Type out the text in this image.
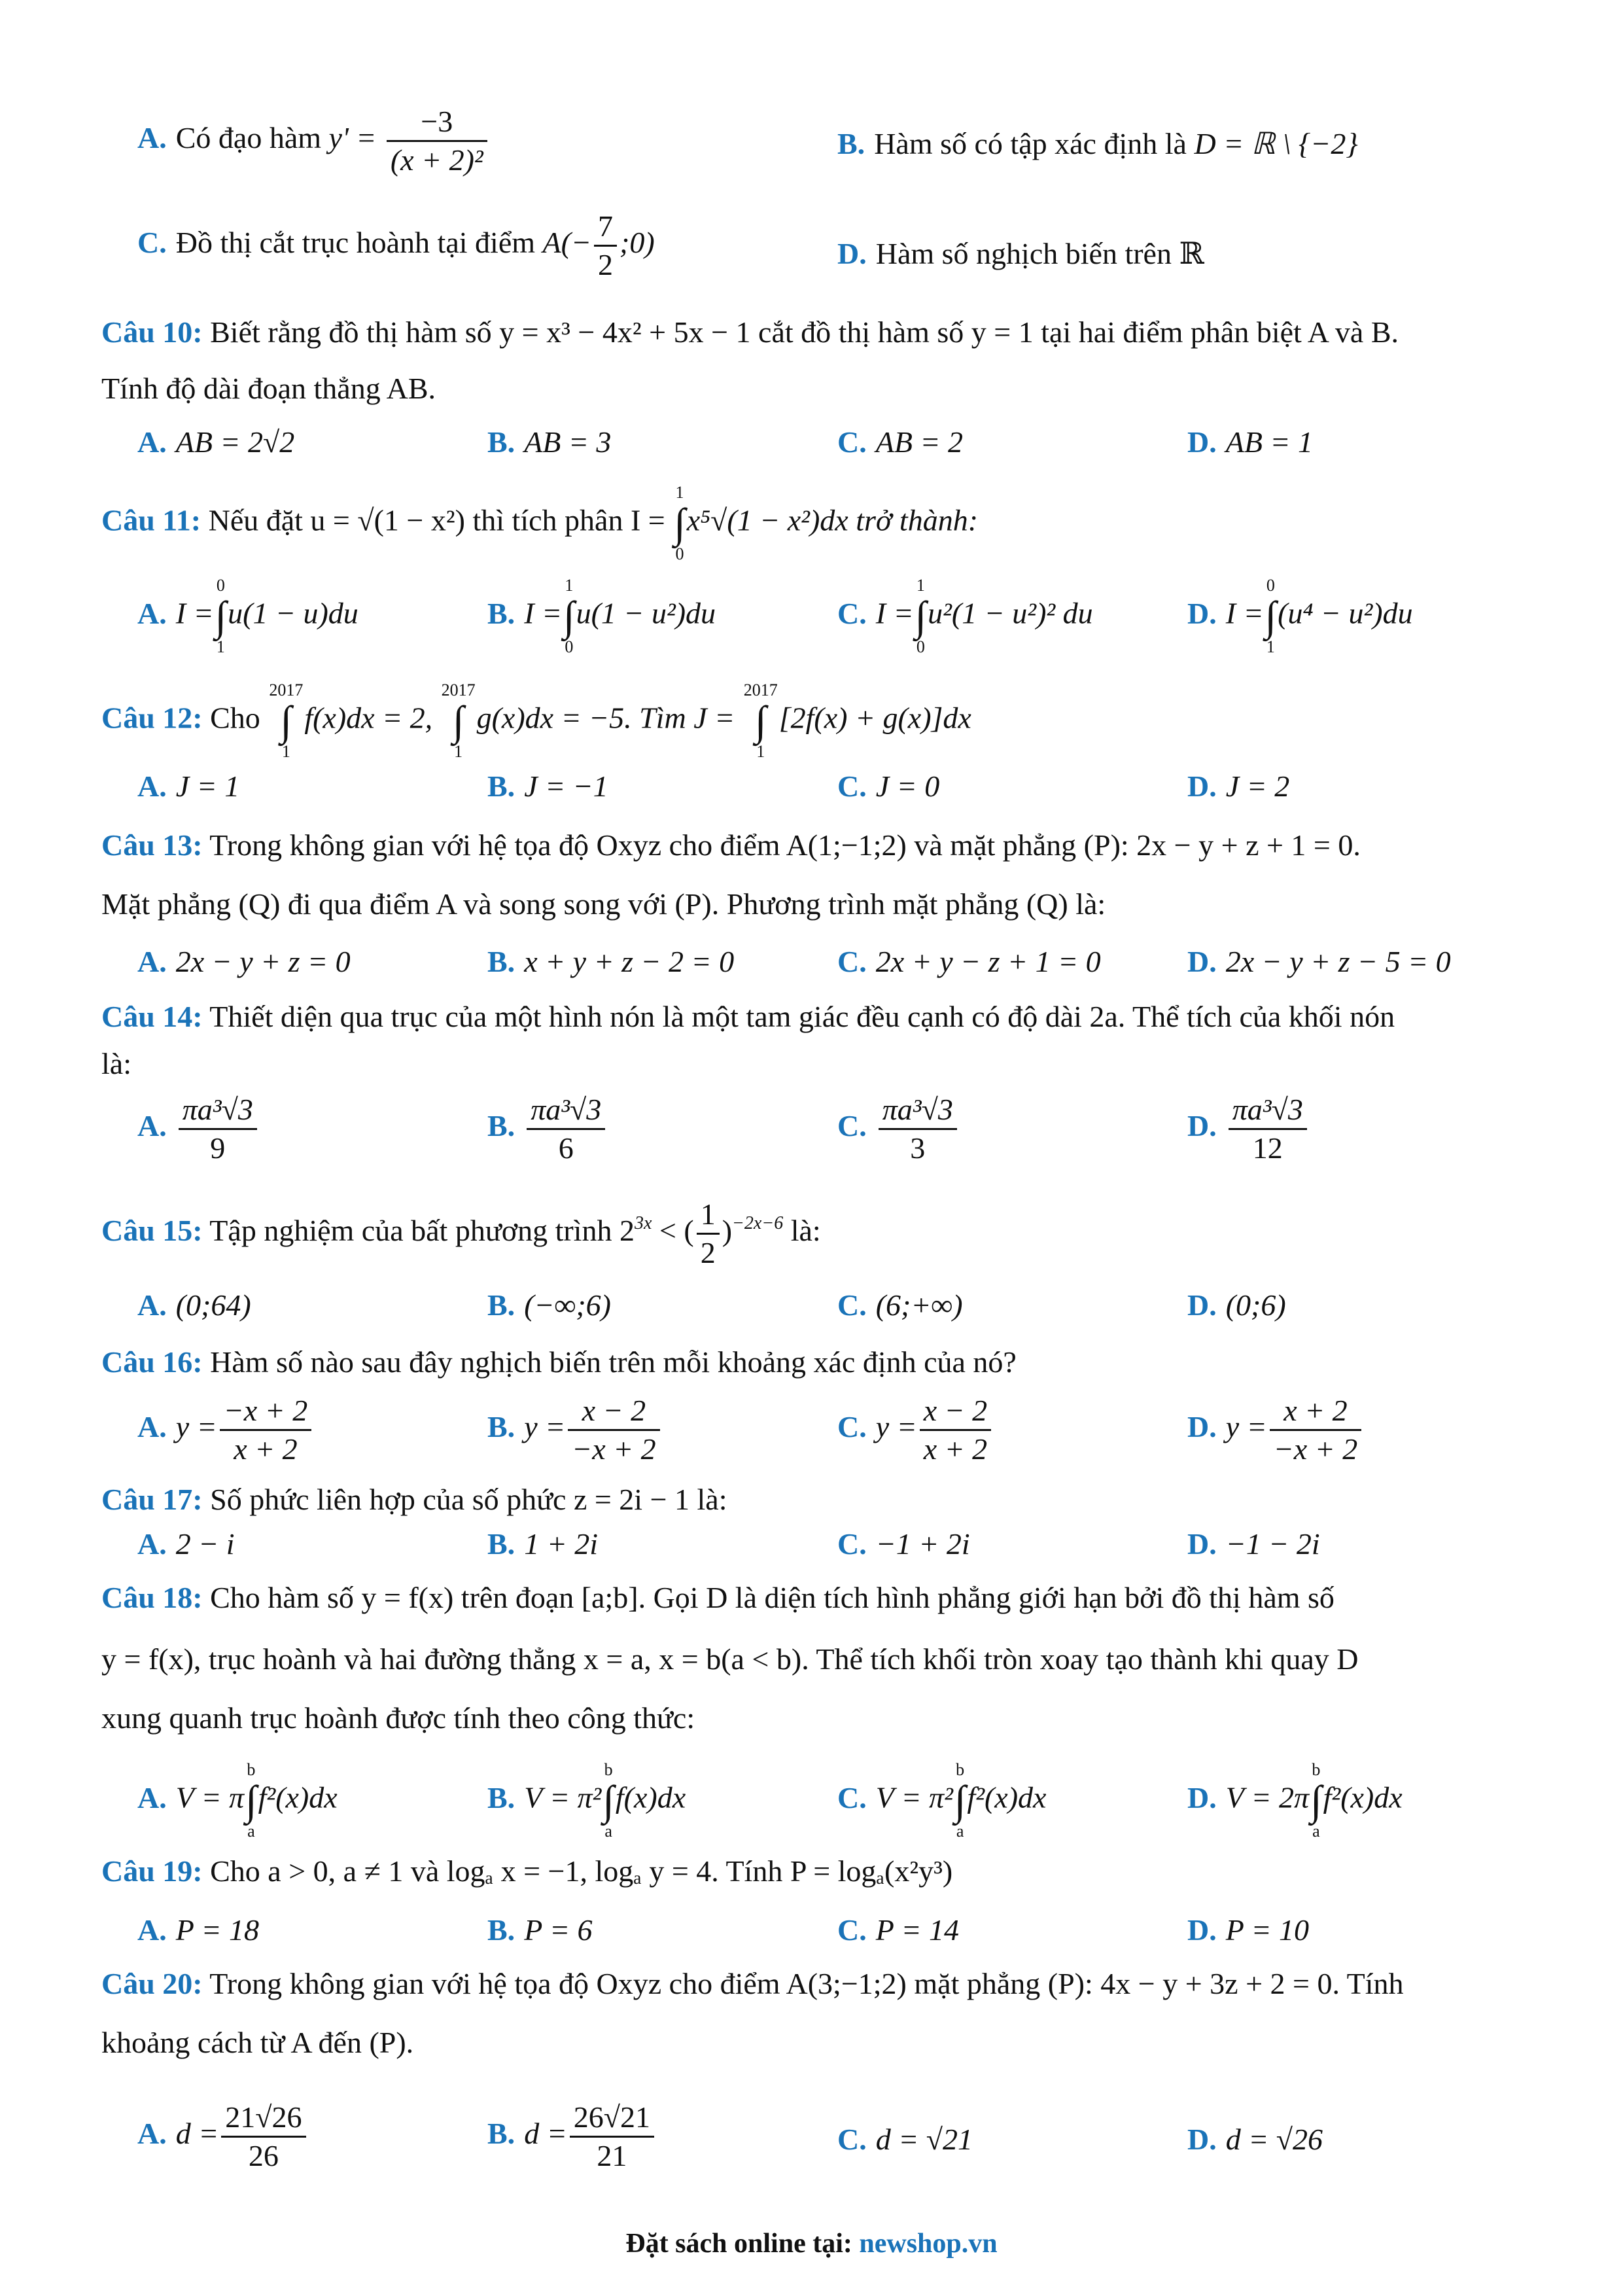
A. Có đạo hàm $y' = \frac{-3}{\text{(x + 2)²}}$	B. Hàm số có tập xác định là D = ℝ \ {−2}
C. Đồ thị cắt trục hoành tại điểm $A(- \frac{7}{2}$ ;0)	D. Hàm số nghịch biến trên ℝ
Câu 10: Biết rằng đồ thị hàm số y = x³ − 4x² + 5x − 1 cắt đồ thị hàm số y = 1 tại hai điểm phân biệt A và B.
Tính độ dài đoạn thẳng AB.
A. AB = 2√2	B. AB = 3	C. AB = 2	D. AB = 1
Câu 11: Nếu đặt u = √(1 − x²) thì tích phân I =
1
∫
0
x⁵√(1 − x²)dx trở thành:
A. I =
0
∫
1
u(1 − u)du	B. I =
1
∫
0
u(1 − u²)du	C. I =
1
∫
0
u²(1 − u²)² du	D. I =
0
∫
1
(u⁴ − u²)du
Câu 12: Cho
2017
∫
1
f(x)dx = 2,
2017
∫
1
g(x)dx = −5. Tìm J =
2017
∫
1
[2f(x) + g(x)]dx
A. J = 1	B. J = −1	C. J = 0	D. J = 2
Câu 13: Trong không gian với hệ tọa độ Oxyz cho điểm A(1;−1;2) và mặt phẳng (P): 2x − y + z + 1 = 0.
Mặt phẳng (Q) đi qua điểm A và song song với (P). Phương trình mặt phẳng (Q) là:
A. 2x − y + z = 0	B. x + y + z − 2 = 0	C. 2x + y − z + 1 = 0	D. 2x − y + z − 5 = 0
Câu 14: Thiết diện qua trục của một hình nón là một tam giác đều cạnh có độ dài 2a. Thể tích của khối nón
là:
A. $\frac{\text{πa³√3}}{9}$	B. $\frac{\text{πa³√3}}{6}$	C. $\frac{\text{πa³√3}}{3}$	D. $\frac{\text{πa³√3}}{12}$
Câu 15: Tập nghiệm của bất phương trình $2^{3x}$ < ( $\frac{1}{2} )^{-2x-6}$ là:
A. (0;64)	B. (−∞;6)	C. (6;+∞)	D. (0;6)
Câu 16: Hàm số nào sau đây nghịch biến trên mỗi khoảng xác định của nó?
A. $y = \frac{-x + 2}{x + 2}$	B. $y = \frac{x - 2}{-x + 2}$	C. $y = \frac{x - 2}{x + 2}$	D. $y = \frac{x + 2}{-x + 2}$
Câu 17: Số phức liên hợp của số phức z = 2i − 1 là:
A. 2 − i	B. 1 + 2i	C. −1 + 2i	D. −1 − 2i
Câu 18: Cho hàm số y = f(x) trên đoạn [a;b]. Gọi D là diện tích hình phẳng giới hạn bởi đồ thị hàm số
y = f(x), trục hoành và hai đường thẳng x = a, x = b(a < b). Thể tích khối tròn xoay tạo thành khi quay D
xung quanh trục hoành được tính theo công thức:
A. V = π
b
∫
a
f²(x)dx	B. V = π²
b
∫
a
f(x)dx	C. V = π²
b
∫
a
f²(x)dx	D. V = 2π
b
∫
a
f²(x)dx
Câu 19: Cho a > 0, a ≠ 1 và logₐ x = −1, logₐ y = 4. Tính P = logₐ(x²y³)
A. P = 18	B. P = 6	C. P = 14	D. P = 10
Câu 20: Trong không gian với hệ tọa độ Oxyz cho điểm A(3;−1;2) mặt phẳng (P): 4x − y + 3z + 2 = 0. Tính
khoảng cách từ A đến (P).
A. $d = \frac{21√26}{26}$	B. $d = \frac{26√21}{21}$	C. d = √21	D. d = √26
Đặt sách online tại: newshop.vn
